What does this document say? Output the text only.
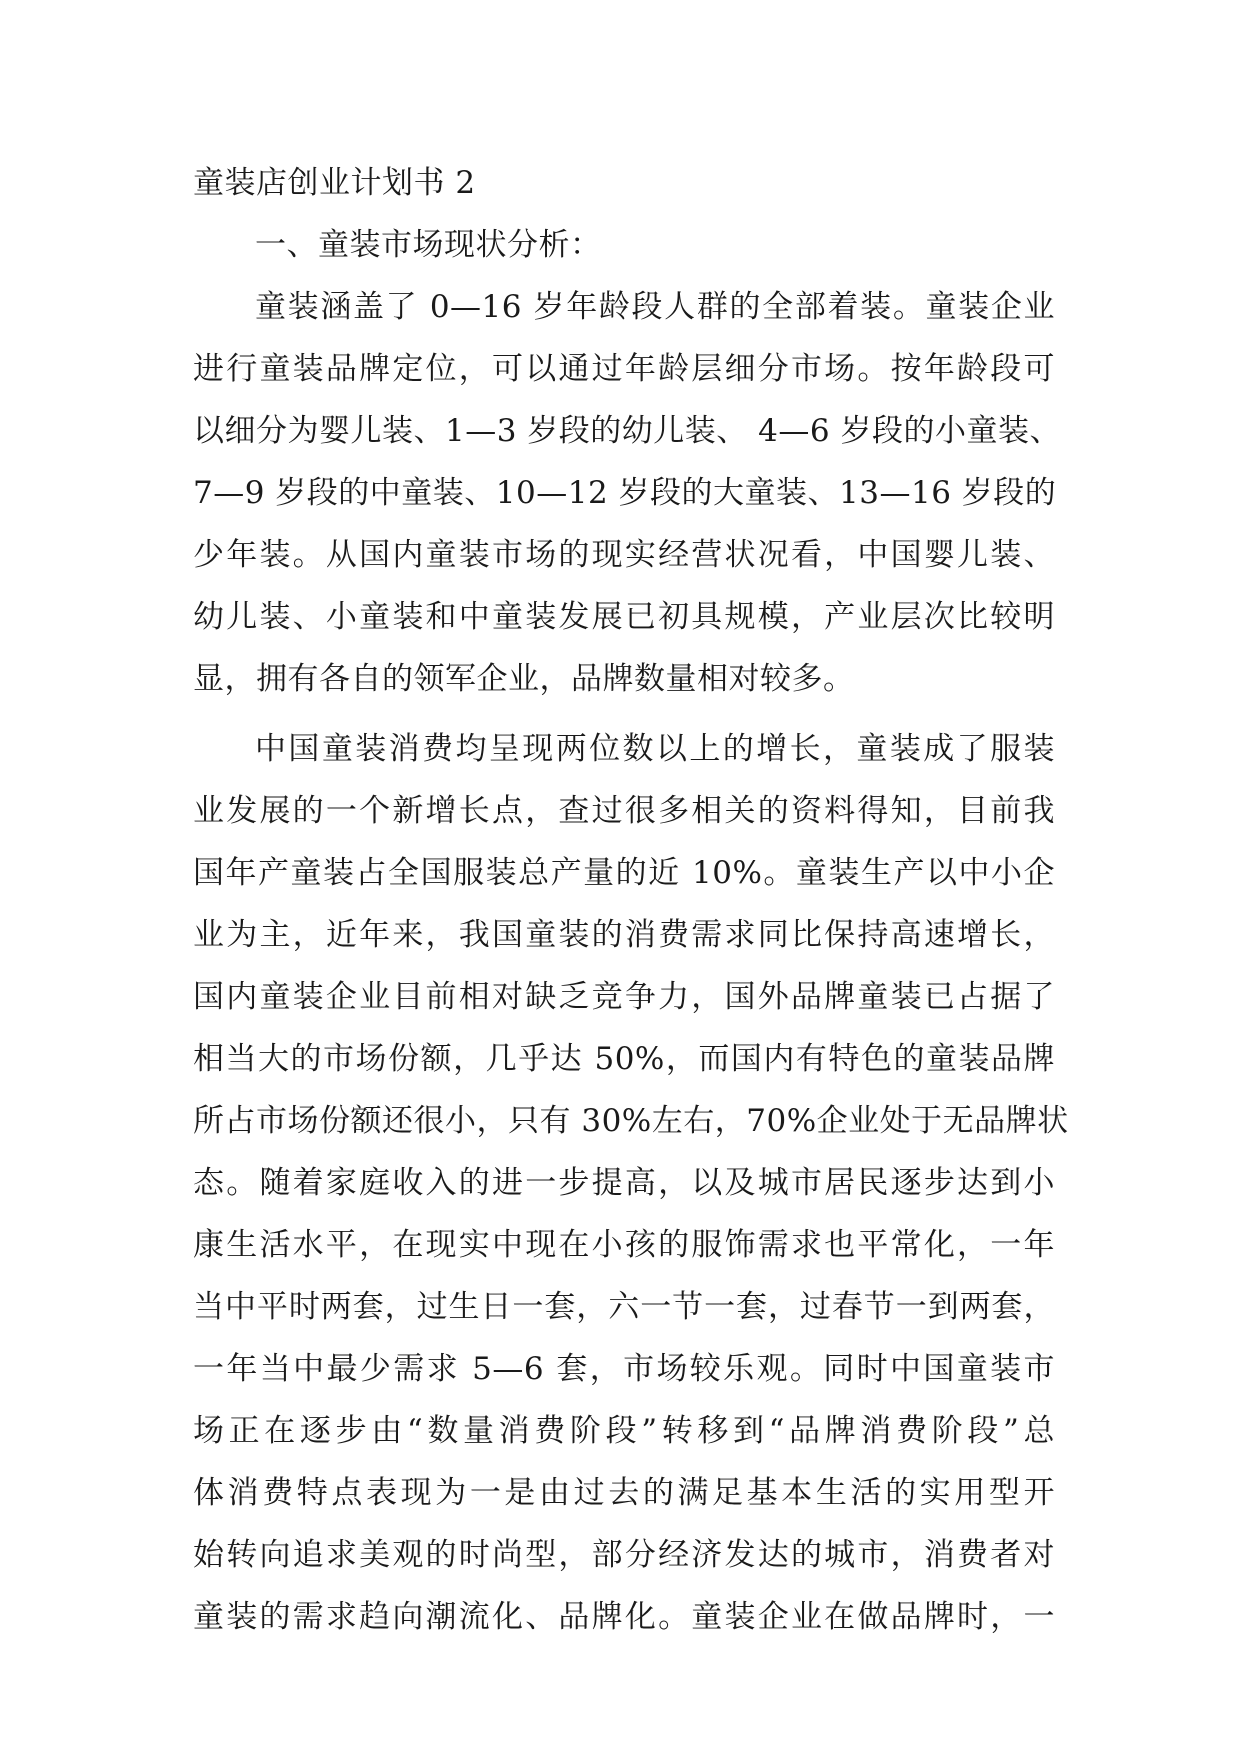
童装店创业计划书 2
一、童装市场现状分析：
童装涵盖了 0—16 岁年龄段人群的全部着装。童装企业
进行童装品牌定位，可以通过年龄层细分市场。按年龄段可
以细分为婴儿装、1—3 岁段的幼儿装、 4—6 岁段的小童装、
7—9 岁段的中童装、10—12 岁段的大童装、13—16 岁段的
少年装。从国内童装市场的现实经营状况看，中国婴儿装、
幼儿装、小童装和中童装发展已初具规模，产业层次比较明
显，拥有各自的领军企业，品牌数量相对较多。
中国童装消费均呈现两位数以上的增长，童装成了服装
业发展的一个新增长点，查过很多相关的资料得知，目前我
国年产童装占全国服装总产量的近 10%。童装生产以中小企
业为主，近年来，我国童装的消费需求同比保持高速增长，
国内童装企业目前相对缺乏竞争力，国外品牌童装已占据了
相当大的市场份额，几乎达 50%，而国内有特色的童装品牌
所占市场份额还很小，只有 30%左右，70%企业处于无品牌状
态。随着家庭收入的进一步提高，以及城市居民逐步达到小
康生活水平，在现实中现在小孩的服饰需求也平常化，一年
当中平时两套，过生日一套，六一节一套，过春节一到两套，
一年当中最少需求 5—6 套，市场较乐观。同时中国童装市
场正在逐步由“数量消费阶段”转移到“品牌消费阶段”总
体消费特点表现为一是由过去的满足基本生活的实用型开
始转向追求美观的时尚型，部分经济发达的城市，消费者对
童装的需求趋向潮流化、品牌化。童装企业在做品牌时，一
